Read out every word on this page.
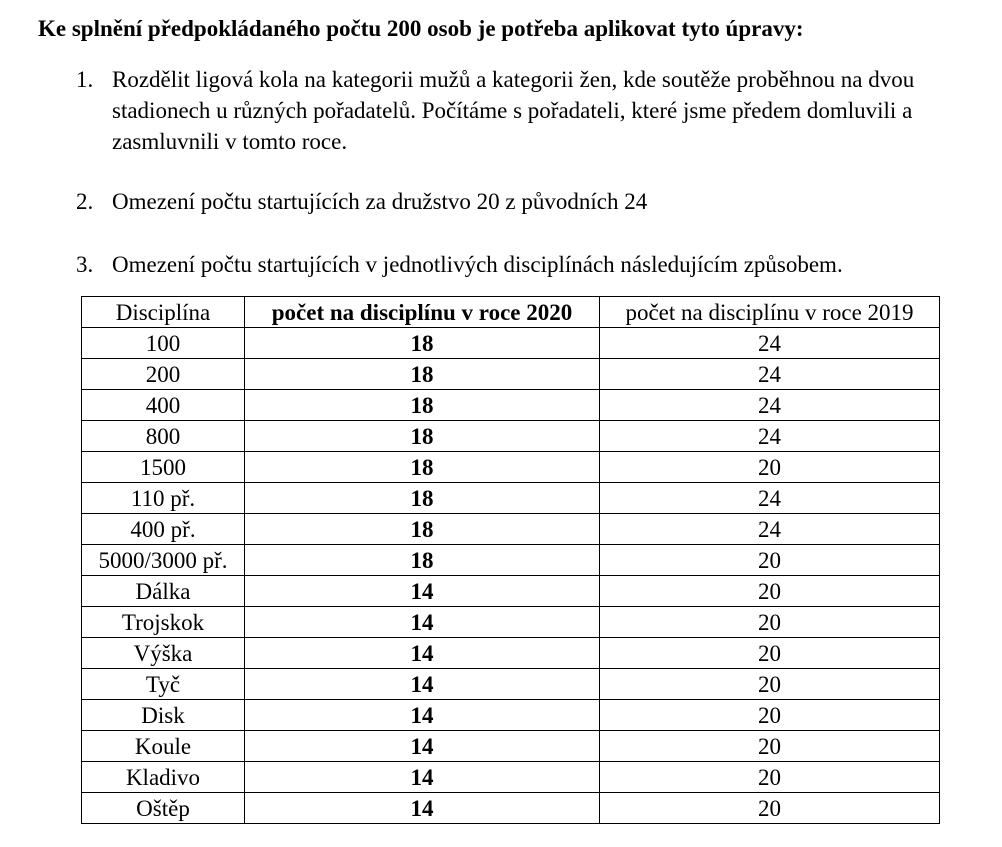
Ke splnění předpokládaného počtu 200 osob je potřeba aplikovat tyto úpravy:
1. Rozdělit ligová kola na kategorii mužů a kategorii žen, kde soutěže proběhnou na dvou
stadionech u různých pořadatelů. Počítáme s pořadateli, které jsme předem domluvili a
zasmluvnili v tomto roce.
2. Omezení počtu startujících za družstvo 20 z původních 24
3. Omezení počtu startujících v jednotlivých disciplínách následujícím způsobem.
Disciplína	počet na disciplínu v roce 2020	počet na disciplínu v roce 2019
100	18	24
200	18	24
400	18	24
800	18	24
1500	18	20
110 př.	18	24
400 př.	18	24
5000/3000 př.	18	20
Dálka	14	20
Trojskok	14	20
Výška	14	20
Tyč	14	20
Disk	14	20
Koule	14	20
Kladivo	14	20
Oštěp	14	20
